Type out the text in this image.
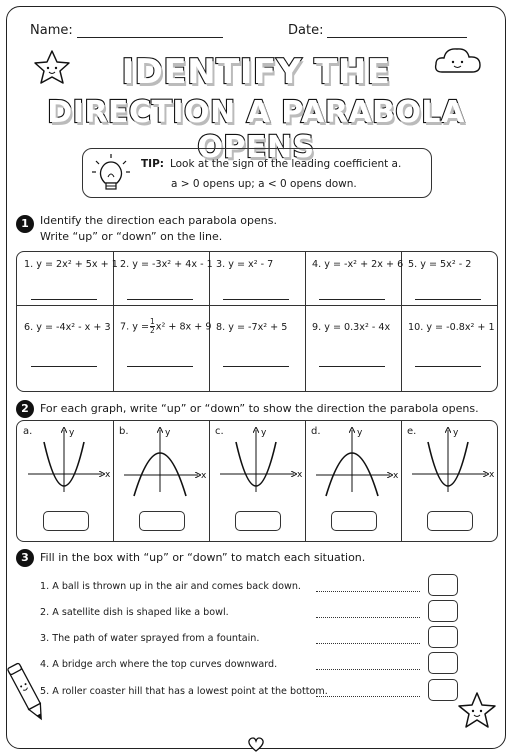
Name:	Date:
IDENTIFY THE
DIRECTION A PARABOLA OPENS
TIP: Look at the sign of the leading coefficient a.
a > 0 opens up; a < 0 opens down.
1	Identify the direction each parabola opens.
Write “up” or “down” on the line.
1. y = 2x² + 5x + 1 2. y = -3x² + 4x - 1 3. y = x² - 7	4. y = -x² + 2x + 6 5. y = 5x² - 2
6. y = -4x² - x + 3 7. $y = \frac{1}{2} x^2 + 8x + 9$ 8. y = -7x² + 5	9. y = 0.3x² - 4x 10. y = -0.8x² + 1
2	For each graph, write “up” or “down” to show the direction the parabola opens.
a.	b.	c.	d.	e.
y
x
y
x
y
x
y
x
y
x
3	Fill in the box with “up” or “down” to match each situation.
1. A ball is thrown up in the air and comes back down.
2. A satellite dish is shaped like a bowl.
3. The path of water sprayed from a fountain.
4. A bridge arch where the top curves downward.
5. A roller coaster hill that has a lowest point at the bottom.
